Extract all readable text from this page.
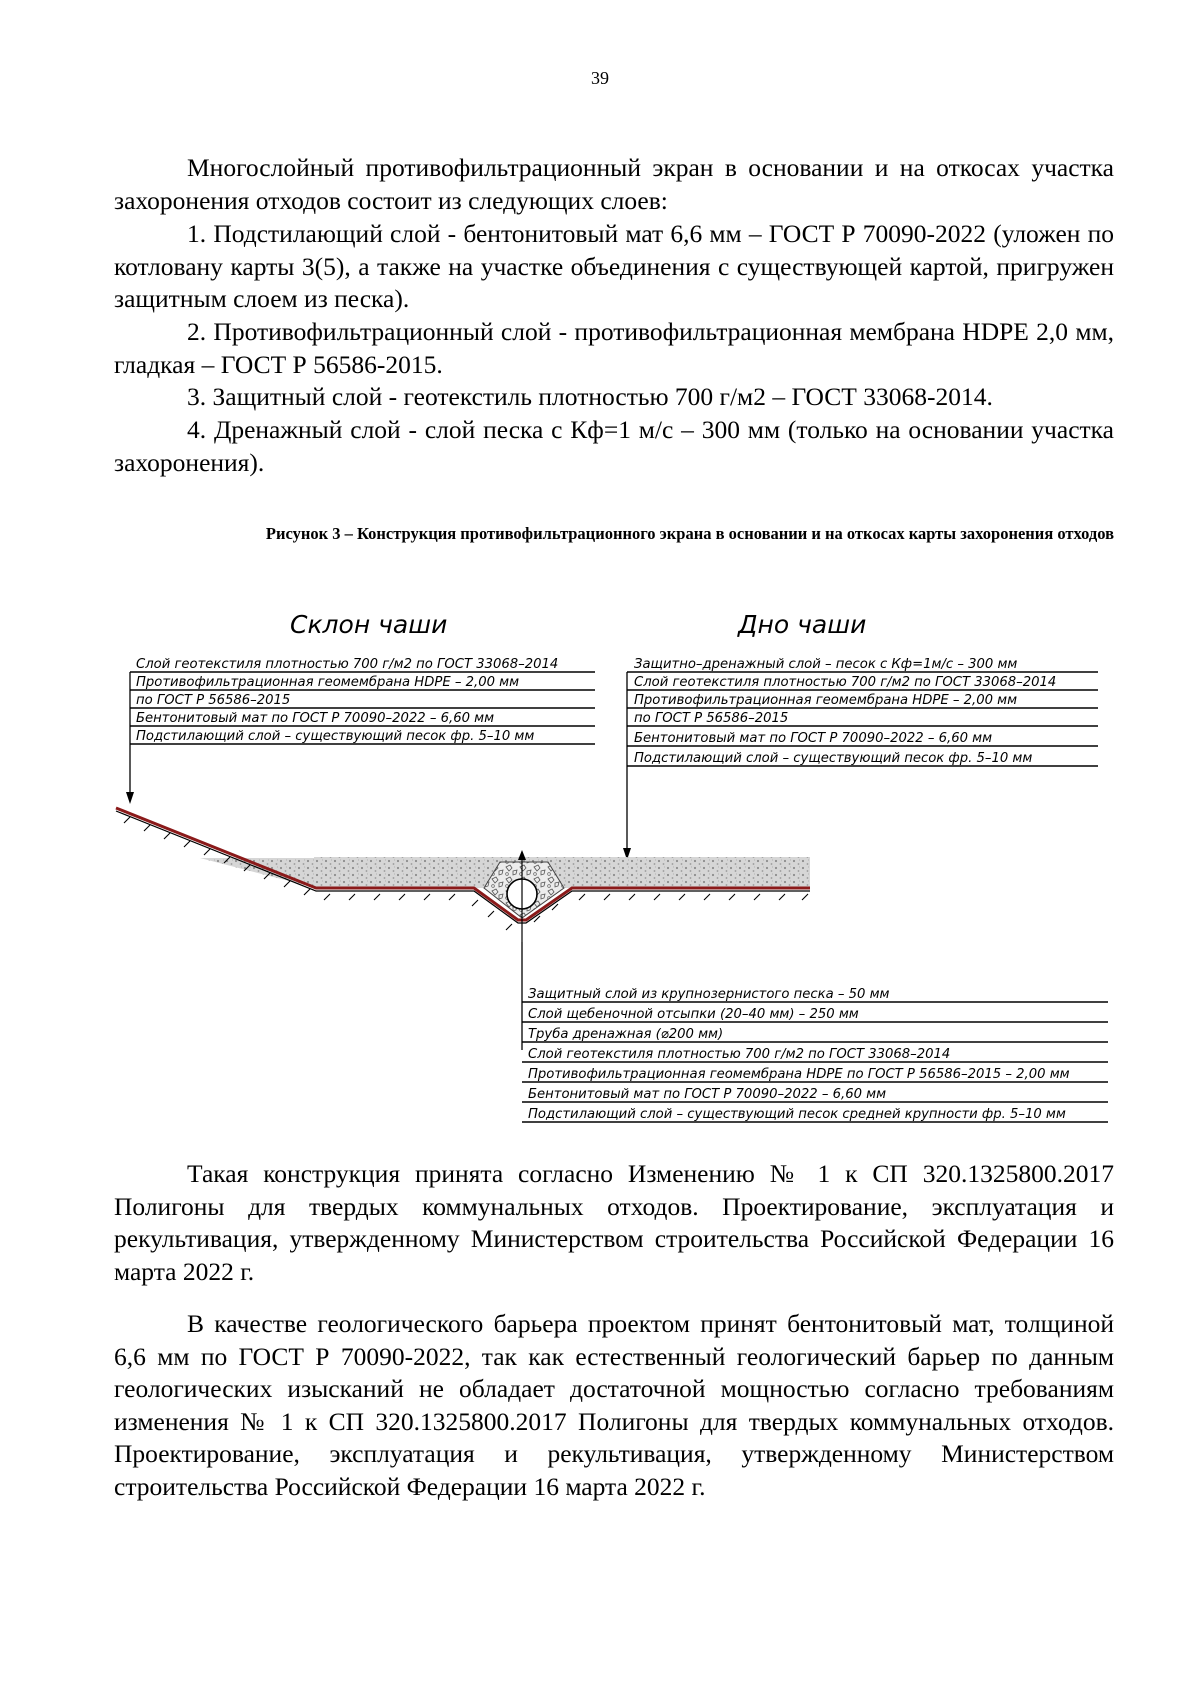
39

Многослойный противофильтрационный экран в основании и на откосах участка захоронения отходов состоит из следующих слоев:

1. Подстилающий слой - бентонитовый мат 6,6 мм – ГОСТ Р 70090-2022 (уложен по котловану карты 3(5), а также на участке объединения с существующей картой, пригружен защитным слоем из песка).

2. Противофильтрационный слой - противофильтрационная мембрана HDPE 2,0 мм, гладкая – ГОСТ Р 56586-2015.

3. Защитный слой - геотекстиль плотностью 700 г/м2 – ГОСТ 33068-2014.

4. Дренажный слой - слой песка с Кф=1 м/с – 300 мм (только на основании участка захоронения).

Рисунок 3 – Конструкция противофильтрационного экрана в основании и на откосах карты захоронения отходов
Склон чаши	Дно чаши
Слой геотекстиля плотностью 700 г/м2 по ГОСТ 33068–2014
Противофильтрационная геомембрана HDPE – 2,00 мм
по ГОСТ Р 56586–2015
Бентонитовый мат по ГОСТ Р 70090–2022 – 6,60 мм
Подстилающий слой – существующий песок фр. 5–10 мм
Защитно–дренажный слой – песок с Кф=1м/с – 300 мм
Слой геотекстиля плотностью 700 г/м2 по ГОСТ 33068–2014
Противофильтрационная геомембрана HDPE – 2,00 мм
по ГОСТ Р 56586–2015
Бентонитовый мат по ГОСТ Р 70090–2022 – 6,60 мм
Подстилающий слой – существующий песок фр. 5–10 мм
Защитный слой из крупнозернистого песка – 50 мм
Слой щебеночной отсыпки (20–40 мм) – 250 мм
Труба дренажная (⌀200 мм)
Слой геотекстиля плотностью 700 г/м2 по ГОСТ 33068–2014
Противофильтрационная геомембрана HDPE по ГОСТ Р 56586–2015 – 2,00 мм
Бентонитовый мат по ГОСТ Р 70090–2022 – 6,60 мм
Подстилающий слой – существующий песок средней крупности фр. 5–10 мм

Такая конструкция принята согласно Изменению № 1 к СП 320.1325800.2017 Полигоны для твердых коммунальных отходов. Проектирование, эксплуатация и рекультивация, утвержденному Министерством строительства Российской Федерации 16 марта 2022 г.

В качестве геологического барьера проектом принят бентонитовый мат, толщиной 6,6 мм по ГОСТ Р 70090-2022, так как естественный геологический барьер по данным геологических изысканий не обладает достаточной мощностью согласно требованиям изменения № 1 к СП 320.1325800.2017 Полигоны для твердых коммунальных отходов. Проектирование, эксплуатация и рекультивация, утвержденному Министерством строительства Российской Федерации 16 марта 2022 г.
